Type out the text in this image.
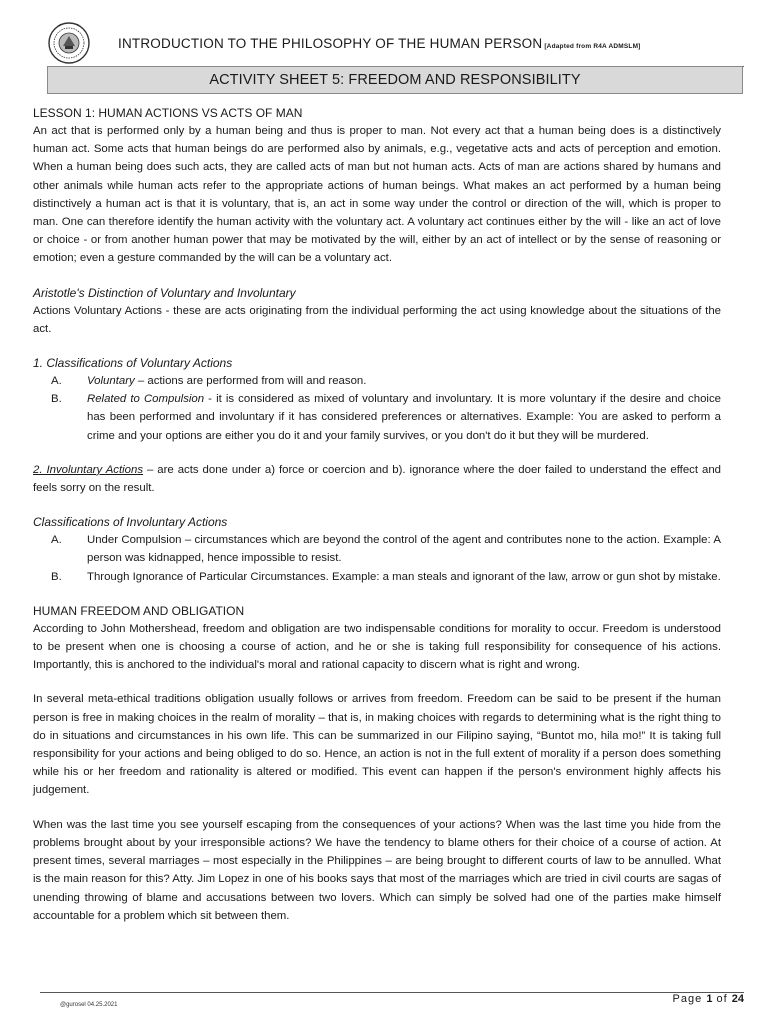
INTRODUCTION TO THE PHILOSOPHY OF THE HUMAN PERSON [Adapted from R4A ADMSLM]
ACTIVITY SHEET 5: FREEDOM AND RESPONSIBILITY

LESSON 1: HUMAN ACTIONS VS ACTS OF MAN

An act that is performed only by a human being and thus is proper to man. Not every act that a human being does is a distinctively human act. Some acts that human beings do are performed also by animals, e.g., vegetative acts and acts of perception and emotion. When a human being does such acts, they are called acts of man but not human acts. Acts of man are actions shared by humans and other animals while human acts refer to the appropriate actions of human beings. What makes an act performed by a human being distinctively a human act is that it is voluntary, that is, an act in some way under the control or direction of the will, which is proper to man. One can therefore identify the human activity with the voluntary act. A voluntary act continues either by the will - like an act of love or choice - or from another human power that may be motivated by the will, either by an act of intellect or by the sense of reasoning or emotion; even a gesture commanded by the will can be a voluntary act.

Aristotle's Distinction of Voluntary and Involuntary

Actions Voluntary Actions - these are acts originating from the individual performing the act using knowledge about the situations of the act.

1. Classifications of Voluntary Actions

A.	Voluntary – actions are performed from will and reason.
B.	Related to Compulsion - it is considered as mixed of voluntary and involuntary. It is more voluntary if the desire and choice has been performed and involuntary if it has considered preferences or alternatives. Example: You are asked to perform a crime and your options are either you do it and your family survives, or you don't do it but they will be murdered.

2. Involuntary Actions – are acts done under a) force or coercion and b). ignorance where the doer failed to understand the effect and feels sorry on the result.

Classifications of Involuntary Actions

A.	Under Compulsion – circumstances which are beyond the control of the agent and contributes none to the action. Example: A person was kidnapped, hence impossible to resist.
B.	Through Ignorance of Particular Circumstances. Example: a man steals and ignorant of the law, arrow or gun shot by mistake.

HUMAN FREEDOM AND OBLIGATION

According to John Mothershead, freedom and obligation are two indispensable conditions for morality to occur. Freedom is understood to be present when one is choosing a course of action, and he or she is taking full responsibility for consequence of his actions. Importantly, this is anchored to the individual's moral and rational capacity to discern what is right and wrong.

In several meta-ethical traditions obligation usually follows or arrives from freedom. Freedom can be said to be present if the human person is free in making choices in the realm of morality – that is, in making choices with regards to determining what is the right thing to do in situations and circumstances in his own life. This can be summarized in our Filipino saying, “Buntot mo, hila mo!” It is taking full responsibility for your actions and being obliged to do so. Hence, an action is not in the full extent of morality if a person does something while his or her freedom and rationality is altered or modified. This event can happen if the person's environment highly affects his judgement.

When was the last time you see yourself escaping from the consequences of your actions? When was the last time you hide from the problems brought about by your irresponsible actions? We have the tendency to blame others for their choice of a course of action. At present times, several marriages – most especially in the Philippines – are being brought to different courts of law to be annulled. What is the main reason for this? Atty. Jim Lopez in one of his books says that most of the marriages which are tried in civil courts are sagas of unending throwing of blame and accusations between two lovers. Which can simply be solved had one of the parties make himself accountable for a problem which sit between them.

@gurosel 04.25.2021	Page 1 of 24
